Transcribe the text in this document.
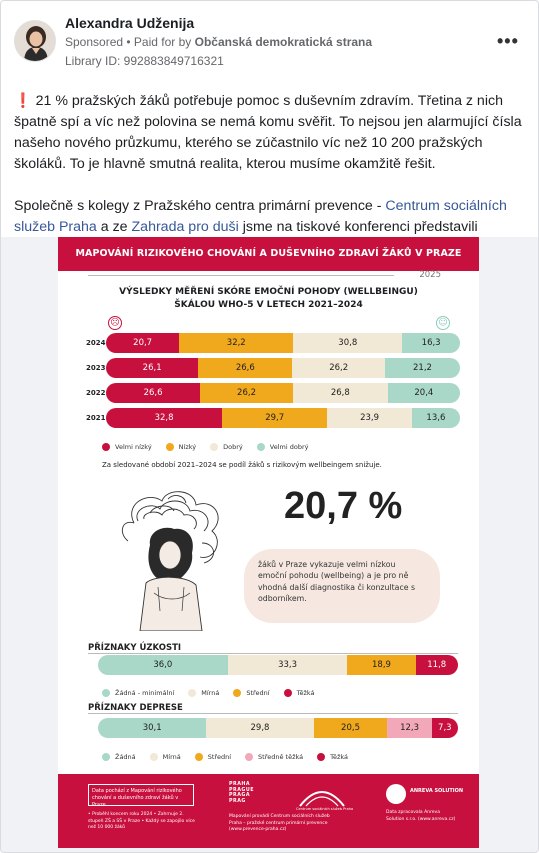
Alexandra Udženija
Sponsored • Paid for by Občanská demokratická strana
Library ID: 992883849716321
•••

❗ 21 % pražských žáků potřebuje pomoc s duševním zdravím. Třetina z nich špatně spí a víc než polovina se nemá komu svěřit. To nejsou jen alarmující čísla našeho nového průzkumu, kterého se zúčastnilo víc než 10 200 pražských školáků. To je hlavně smutná realita, kterou musíme okamžitě řešit.

Společně s kolegy z Pražského centra primární prevence - Centrum sociálních služeb Praha a ze Zahrada pro duši jsme na tiskové konferenci představili

MAPOVÁNÍ RIZIKOVÉHO CHOVÁNÍ A DUŠEVNÍHO ZDRAVÍ ŽÁKŮ V PRAZE
2025
VÝSLEDKY MĚŘENÍ SKÓRE EMOČNÍ POHODY (WELLBEINGU)
ŠKÁLOU WHO-5 V LETECH 2021–2024
☹	☺
2024	20,7	32,2	30,8	16,3
2023	26,1	26,6	26,2	21,2
2022	26,6	26,2	26,8	20,4
2021	32,8	29,7	23,9	13,6
Velmi nízký	Nízký	Dobrý	Velmi dobrý
Za sledované období 2021–2024 se podíl žáků s rizikovým wellbeingem snižuje.
20,7 %
žáků v Praze vykazuje velmi nízkou emoční pohodu (wellbeing) a je pro ně vhodná další diagnostika či konzultace s odborníkem.
PŘÍZNAKY ÚZKOSTI
36,0	33,3	18,9	11,8
Žádná - minimální	Mírná	Střední	Těžká
PŘÍZNAKY DEPRESE
30,1	29,8	20,5	12,3	7,3
Žádná	Mírná	Střední	Středně těžká	Těžká
Data pochází z Mapování rizikového chování a duševního zdraví žáků v Praze
• Proběhl koncem roku 2024 • Zahrnuje 2. stupeň ZŠ a SŠ v Praze • Každý se zapojilo více než 10 000 žáků
PRAHA PRAGUE PRAGA PRAG
Centrum sociálních služeb Praha
Mapování provádí Centrum sociálních služeb Praha – pražské centrum primární prevence (www.prevence-praha.cz)
ANREVA SOLUTION
Data zpracovala Anreva Solution s.r.o. (www.anreva.cz)
